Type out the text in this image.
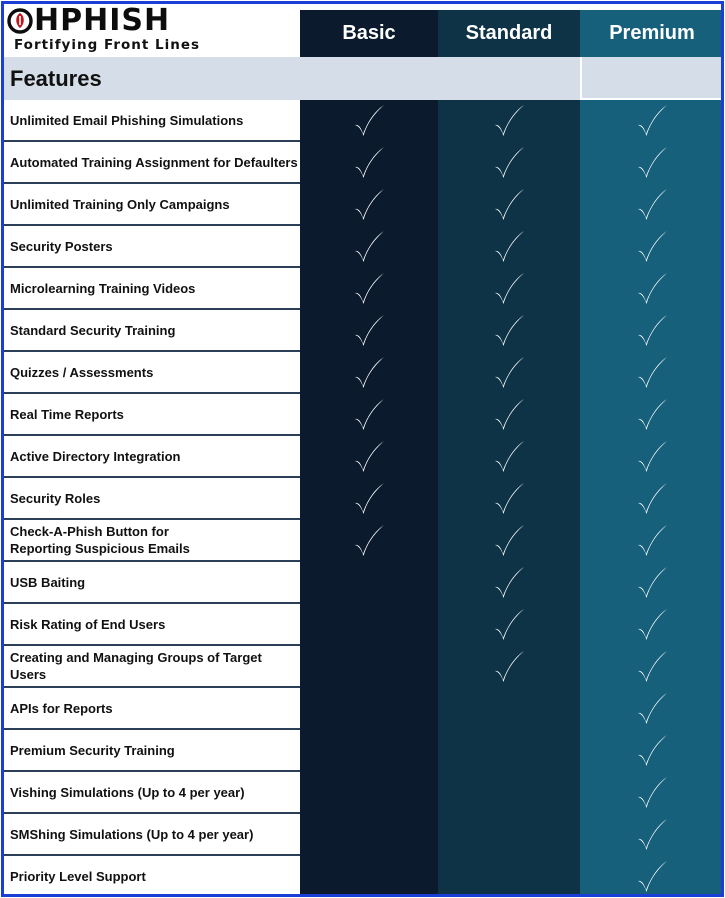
HPHISH
Fortifying Front Lines
Basic	Standard	Premium
Features
Unlimited Email Phishing Simulations
Automated Training Assignment for Defaulters
Unlimited Training Only Campaigns
Security Posters
Microlearning Training Videos
Standard Security Training
Quizzes / Assessments
Real Time Reports
Active Directory Integration
Security Roles
Check-A-Phish Button for
Reporting Suspicious Emails
USB Baiting
Risk Rating of End Users
Creating and Managing Groups of Target Users
APIs for Reports
Premium Security Training
Vishing Simulations (Up to 4 per year)
SMShing Simulations (Up to 4 per year)
Priority Level Support
